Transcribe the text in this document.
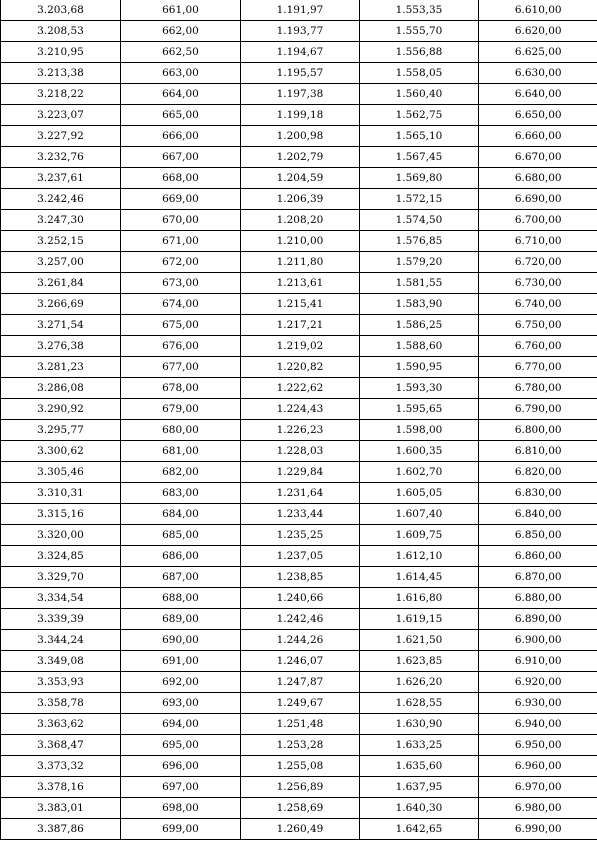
3.203,68	661,00	1.191,97	1.553,35	6.610,00
3.208,53	662,00	1.193,77	1.555,70	6.620,00
3.210,95	662,50	1.194,67	1.556,88	6.625,00
3.213,38	663,00	1.195,57	1.558,05	6.630,00
3.218,22	664,00	1.197,38	1.560,40	6.640,00
3.223,07	665,00	1.199,18	1.562,75	6.650,00
3.227,92	666,00	1.200,98	1.565,10	6.660,00
3.232,76	667,00	1.202,79	1.567,45	6.670,00
3.237,61	668,00	1.204,59	1.569,80	6.680,00
3.242,46	669,00	1.206,39	1.572,15	6.690,00
3.247,30	670,00	1.208,20	1.574,50	6.700,00
3.252,15	671,00	1.210,00	1.576,85	6.710,00
3.257,00	672,00	1.211,80	1.579,20	6.720,00
3.261,84	673,00	1.213,61	1.581,55	6.730,00
3.266,69	674,00	1.215,41	1.583,90	6.740,00
3.271,54	675,00	1.217,21	1.586,25	6.750,00
3.276,38	676,00	1.219,02	1.588,60	6.760,00
3.281,23	677,00	1.220,82	1.590,95	6.770,00
3.286,08	678,00	1.222,62	1.593,30	6.780,00
3.290,92	679,00	1.224,43	1.595,65	6.790,00
3.295,77	680,00	1.226,23	1.598,00	6.800,00
3.300,62	681,00	1.228,03	1.600,35	6.810,00
3.305,46	682,00	1.229,84	1.602,70	6.820,00
3.310,31	683,00	1.231,64	1.605,05	6.830,00
3.315,16	684,00	1.233,44	1.607,40	6.840,00
3.320,00	685,00	1.235,25	1.609,75	6.850,00
3.324,85	686,00	1.237,05	1.612,10	6.860,00
3.329,70	687,00	1.238,85	1.614,45	6.870,00
3.334,54	688,00	1.240,66	1.616,80	6.880,00
3.339,39	689,00	1.242,46	1.619,15	6.890,00
3.344,24	690,00	1.244,26	1.621,50	6.900,00
3.349,08	691,00	1.246,07	1.623,85	6.910,00
3.353,93	692,00	1.247,87	1.626,20	6.920,00
3.358,78	693,00	1.249,67	1.628,55	6.930,00
3.363,62	694,00	1.251,48	1.630,90	6.940,00
3.368,47	695,00	1.253,28	1.633,25	6.950,00
3.373,32	696,00	1.255,08	1.635,60	6.960,00
3.378,16	697,00	1.256,89	1.637,95	6.970,00
3.383,01	698,00	1.258,69	1.640,30	6.980,00
3.387,86	699,00	1.260,49	1.642,65	6.990,00
